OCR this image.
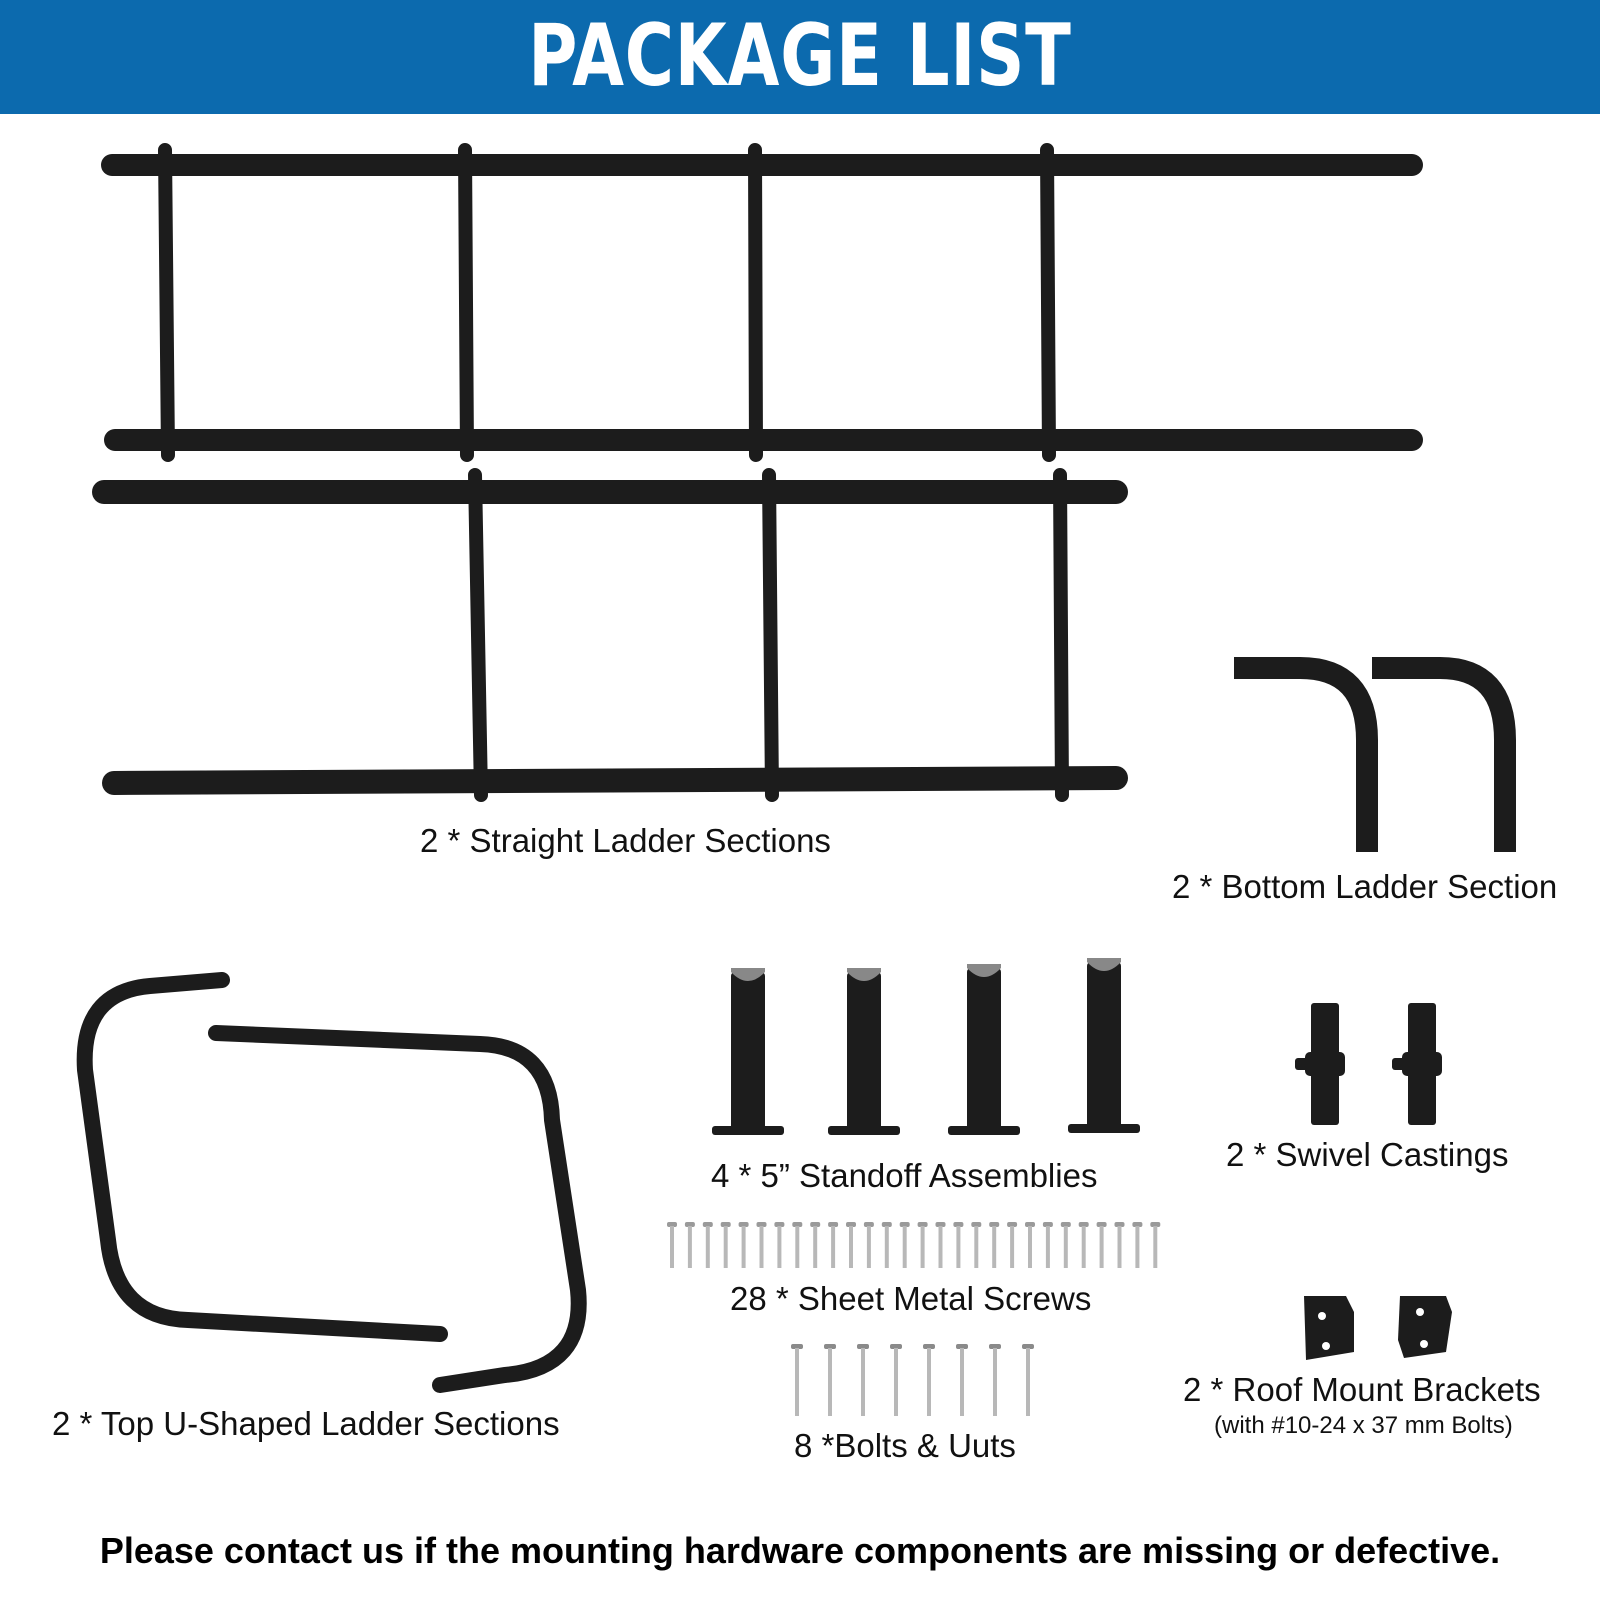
PACKAGE LIST
2 * Straight Ladder Sections
2 * Bottom Ladder Section
2 * Top U-Shaped Ladder Sections
4 * 5” Standoff Assemblies
2 * Swivel Castings
28 * Sheet Metal Screws
8 *Bolts & Uuts
2 * Roof Mount Brackets
(with #10-24 x 37 mm Bolts)
Please contact us if the mounting hardware components are missing or defective.
